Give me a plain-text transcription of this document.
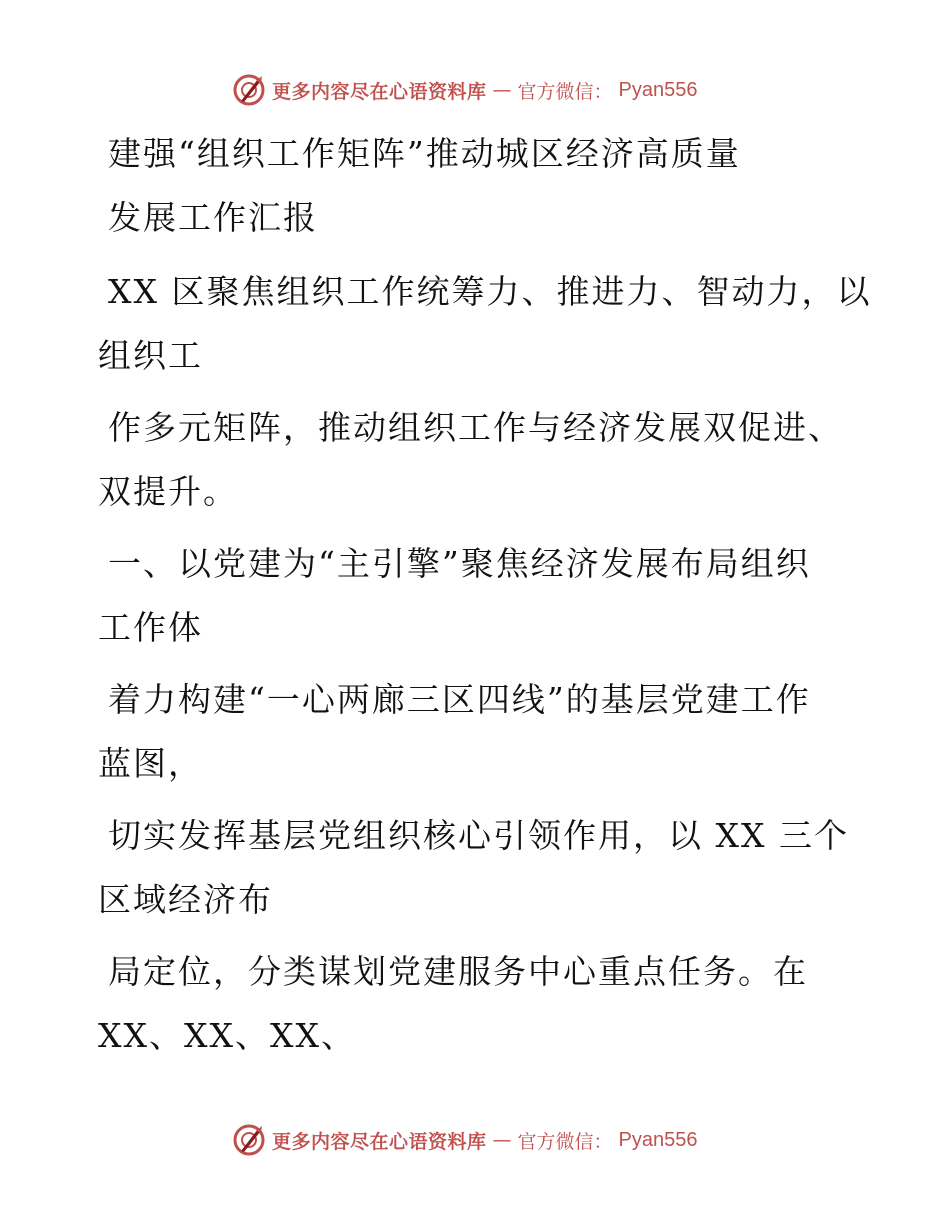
更多内容尽在心语资料库 — 官方微信： Pyan556

建强“组织工作矩阵”推动城区经济高质量
发展工作汇报

XX 区聚焦组织工作统筹力、推进力、智动力，以
组织工

作多元矩阵，推动组织工作与经济发展双促进、
双提升。

一、以党建为“主引擎”聚焦经济发展布局组织
工作体

着力构建“一心两廊三区四线”的基层党建工作
蓝图，

切实发挥基层党组织核心引领作用，以 XX 三个
区域经济布

局定位，分类谋划党建服务中心重点任务。在
XX、XX、XX、

更多内容尽在心语资料库 — 官方微信： Pyan556
